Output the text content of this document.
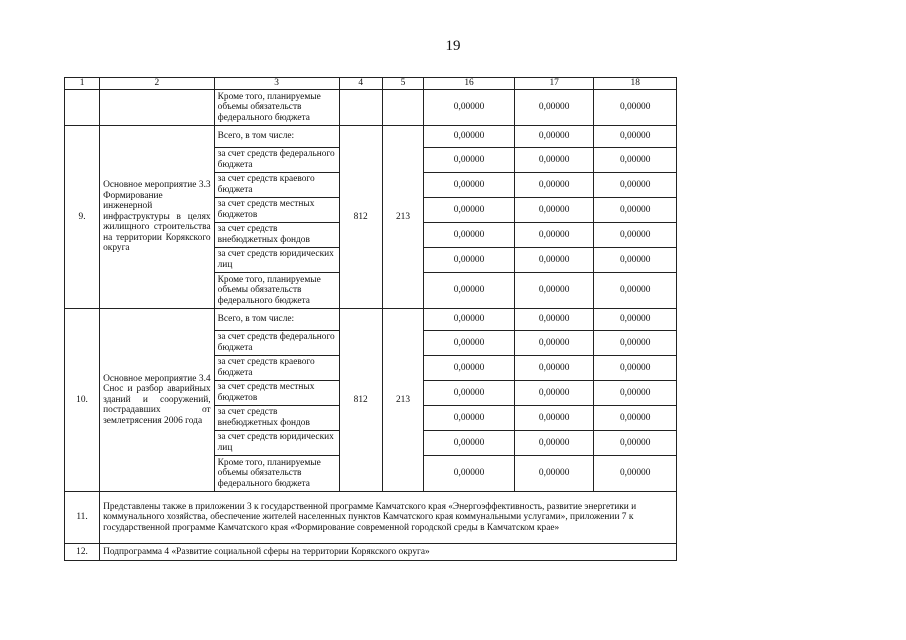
19
1	2	3	4	5	16	17	18
		Кроме того, планируемые объемы обязательств федерального бюджета			0,00000	0,00000	0,00000
9.	Основное мероприятие 3.3 Формирование инженерной инфраструктуры в целях жилищного строительства на территории Корякского округа	Всего, в том числе:	812	213	0,00000	0,00000	0,00000
		за счет средств федерального бюджета			0,00000	0,00000	0,00000
		за счет средств краевого бюджета			0,00000	0,00000	0,00000
		за счет средств местных бюджетов			0,00000	0,00000	0,00000
		за счет средств внебюджетных фондов			0,00000	0,00000	0,00000
		за счет средств юридических лиц			0,00000	0,00000	0,00000
		Кроме того, планируемые объемы обязательств федерального бюджета			0,00000	0,00000	0,00000
10.	Основное мероприятие 3.4 Снос и разбор аварийных зданий и сооружений, пострадавших от землетрясения 2006 года	Всего, в том числе:	812	213	0,00000	0,00000	0,00000
		за счет средств федерального бюджета			0,00000	0,00000	0,00000
		за счет средств краевого бюджета			0,00000	0,00000	0,00000
		за счет средств местных бюджетов			0,00000	0,00000	0,00000
		за счет средств внебюджетных фондов			0,00000	0,00000	0,00000
		за счет средств юридических лиц			0,00000	0,00000	0,00000
		Кроме того, планируемые объемы обязательств федерального бюджета			0,00000	0,00000	0,00000
11.	Представлены также в приложении 3 к государственной программе Камчатского края «Энергоэффективность, развитие энергетики и коммунального хозяйства, обеспечение жителей населенных пунктов Камчатского края коммунальными услугами», приложении 7 к государственной программе Камчатского края «Формирование современной городской среды в Камчатском крае»						
12.	Подпрограмма 4 «Развитие социальной сферы на территории Корякского округа»						
